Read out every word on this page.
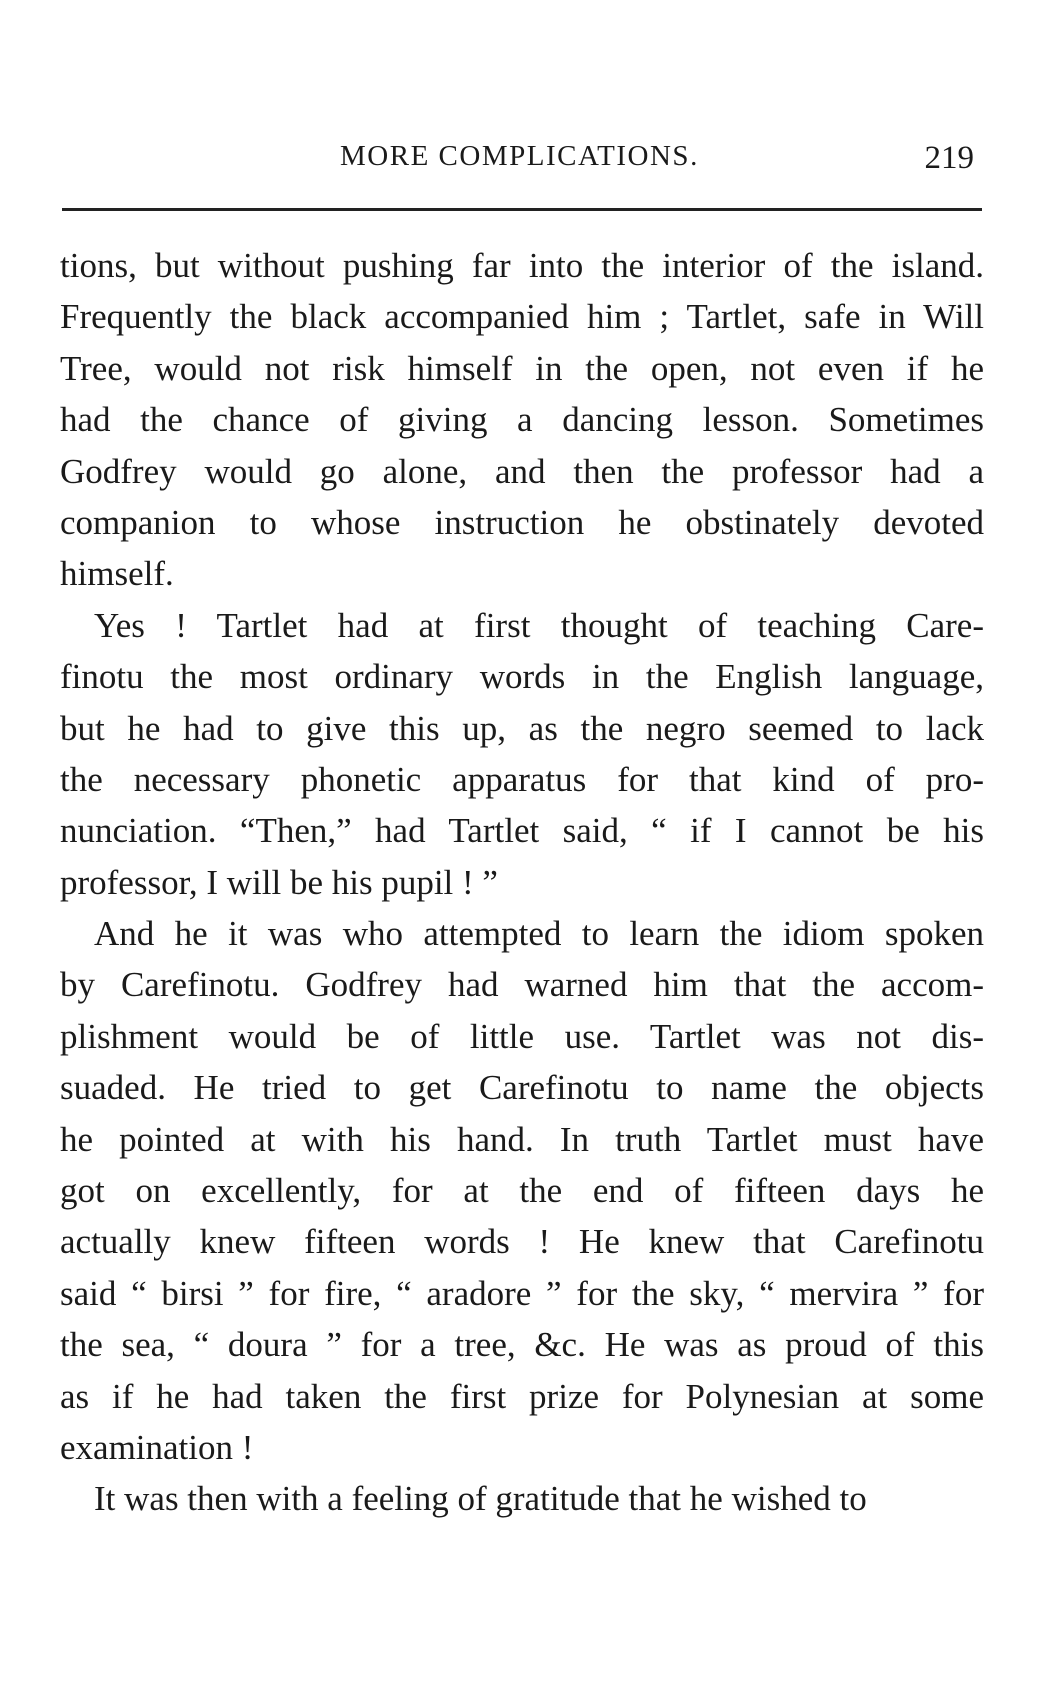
MORE COMPLICATIONS.	219
tions, but without pushing far into the interior of the island.
Frequently the black accompanied him ; Tartlet, safe in Will
Tree, would not risk himself in the open, not even if he
had the chance of giving a dancing lesson. Sometimes
Godfrey would go alone, and then the professor had a
companion to whose instruction he obstinately devoted
himself.
Yes ! Tartlet had at first thought of teaching Care-
finotu the most ordinary words in the English language,
but he had to give this up, as the negro seemed to lack
the necessary phonetic apparatus for that kind of pro-
nunciation. “Then,” had Tartlet said, “ if I cannot be his
professor, I will be his pupil ! ”
And he it was who attempted to learn the idiom spoken
by Carefinotu. Godfrey had warned him that the accom-
plishment would be of little use. Tartlet was not dis-
suaded. He tried to get Carefinotu to name the objects
he pointed at with his hand. In truth Tartlet must have
got on excellently, for at the end of fifteen days he
actually knew fifteen words ! He knew that Carefinotu
said “ birsi ” for fire, “ aradore ” for the sky, “ mervira ” for
the sea, “ doura ” for a tree, &c. He was as proud of this
as if he had taken the first prize for Polynesian at some
examination !
It was then with a feeling of gratitude that he wished to
